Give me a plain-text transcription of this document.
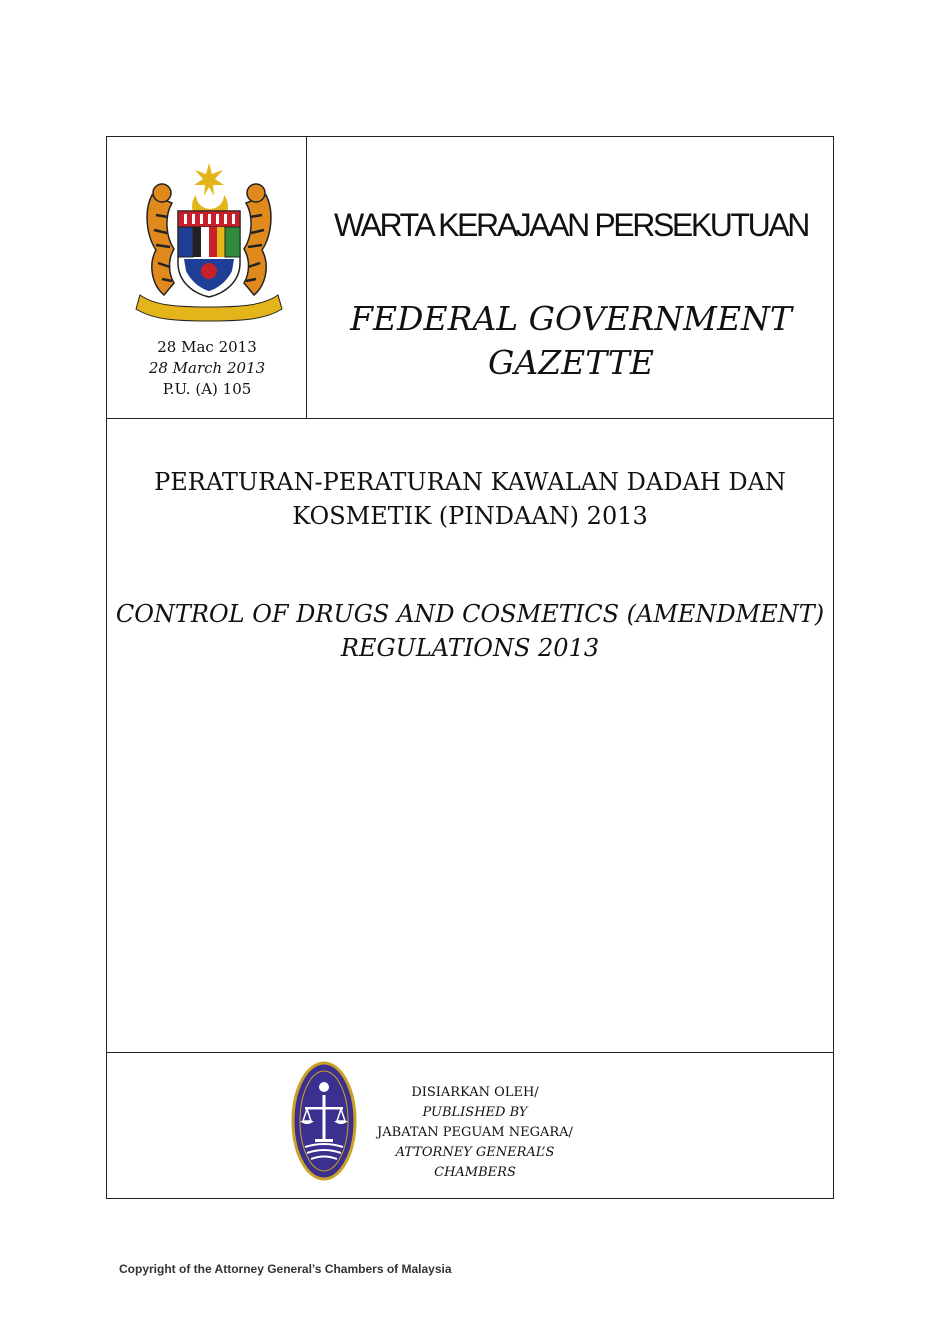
28 Mac 2013
28 March 2013
P.U. (A) 105
WARTA KERAJAAN PERSEKUTUAN
FEDERAL GOVERNMENT
GAZETTE
PERATURAN-PERATURAN KAWALAN DADAH DAN
KOSMETIK (PINDAAN) 2013
CONTROL OF DRUGS AND COSMETICS (AMENDMENT)
REGULATIONS 2013
DISIARKAN OLEH/
PUBLISHED BY
JABATAN PEGUAM NEGARA/
ATTORNEY GENERAL’S CHAMBERS
Copyright of the Attorney General’s Chambers of Malaysia
